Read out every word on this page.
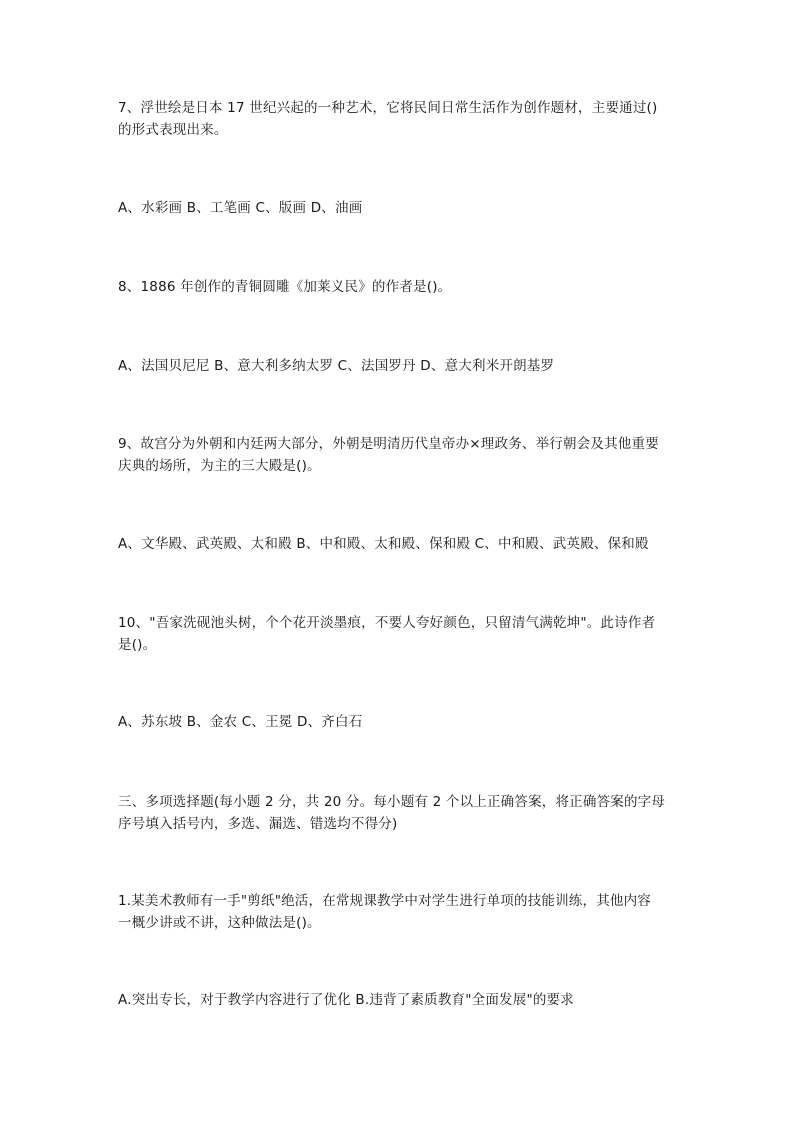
7、浮世绘是日本 17 世纪兴起的一种艺术，它将民间日常生活作为创作题材，主要通过()
的形式表现出来。
A、水彩画 B、工笔画 C、版画 D、油画
8、1886 年创作的青铜圆雕《加莱义民》的作者是()。
A、法国贝尼尼 B、意大利多纳太罗 C、法国罗丹 D、意大利米开朗基罗
9、故宫分为外朝和内廷两大部分，外朝是明清历代皇帝办×理政务、举行朝会及其他重要
庆典的场所，为主的三大殿是()。
A、文华殿、武英殿、太和殿 B、中和殿、太和殿、保和殿 C、中和殿、武英殿、保和殿
10、"吾家洗砚池头树，个个花开淡墨痕，不要人夸好颜色，只留清气满乾坤"。此诗作者
是()。
A、苏东坡 B、金农 C、王冕 D、齐白石
三、多项选择题(每小题 2 分，共 20 分。每小题有 2 个以上正确答案，将正确答案的字母
序号填入括号内，多选、漏选、错选均不得分)
1.某美术教师有一手"剪纸"绝活，在常规课教学中对学生进行单项的技能训练，其他内容
一概少讲或不讲，这种做法是()。
A.突出专长，对于教学内容进行了优化 B.违背了素质教育"全面发展"的要求
